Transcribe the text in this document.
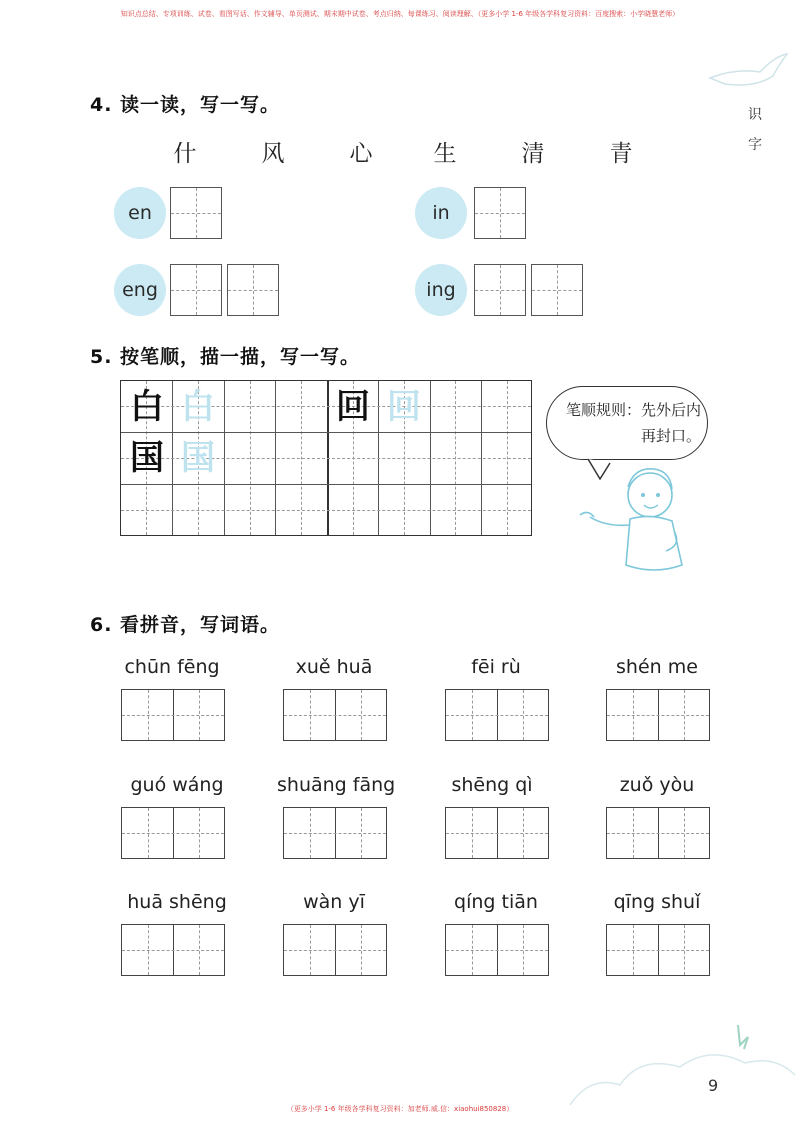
知识点总结、专项训练、试卷、看图写话、作文辅导、单页测试、期末期中试卷、考点归纳、每课练习、阅读理解、（更多小学 1-6 年级各学科复习资料：百度搜索：小学晓慧老师）
（更多小学 1-6 年级各学科复习资料：加老师.威.信：xiaohui850828）
识
字
4. 读一读，写一写。
什	风	心	生	清	青
en	in
eng	ing
5. 按笔顺，描一描，写一写。
白 白	回 回
国 国
笔顺规则：先外后内再封口。
6. 看拼音，写词语。
chūn fēng	xuě huā	fēi rù	shén me
guó wáng	shuāng fāng	shēng qì	zuǒ yòu
huā shēng	wàn yī	qíng tiān	qīng shuǐ
9
